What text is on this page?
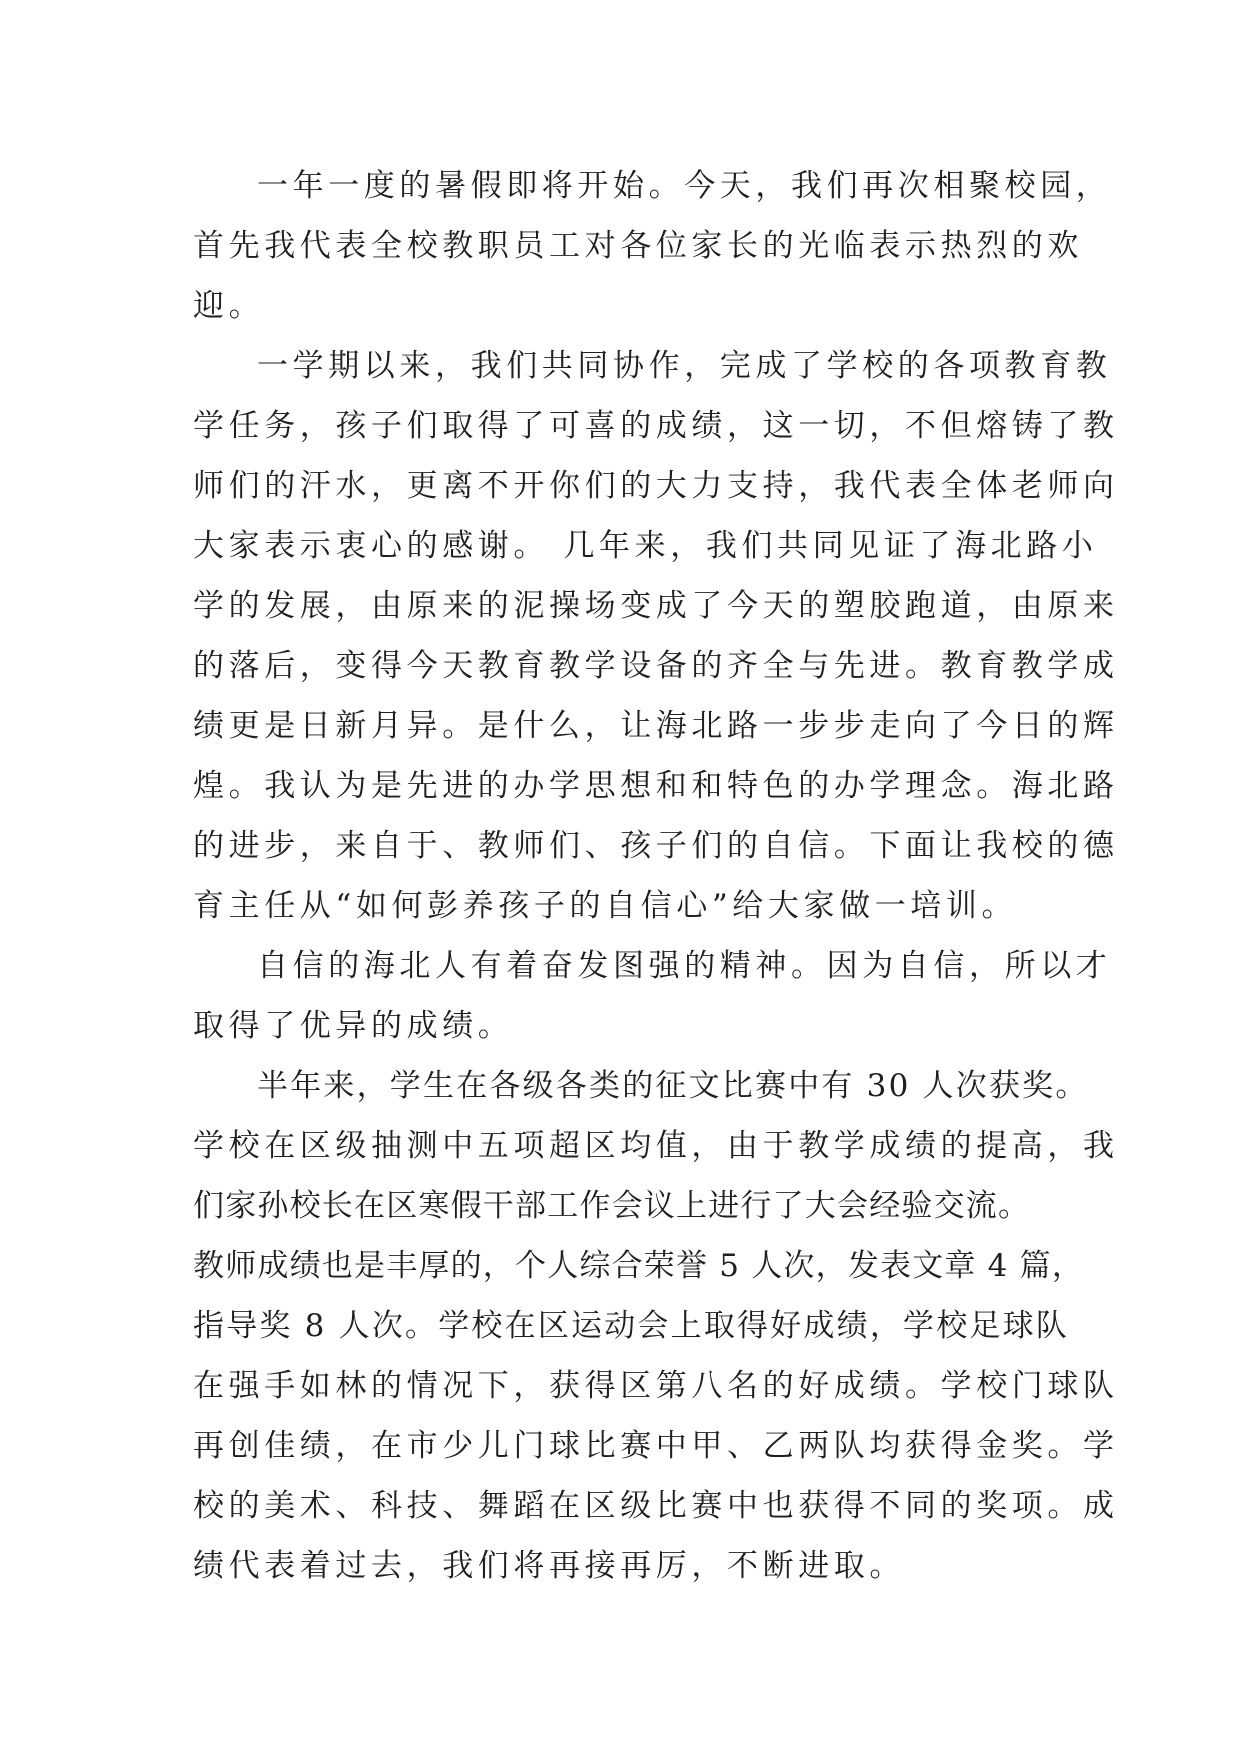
一年一度的暑假即将开始。今天，我们再次相聚校园，
首先我代表全校教职员工对各位家长的光临表示热烈的欢
迎。
一学期以来，我们共同协作，完成了学校的各项教育教
学任务，孩子们取得了可喜的成绩，这一切，不但熔铸了教
师们的汗水，更离不开你们的大力支持，我代表全体老师向
大家表示衷心的感谢。 几年来，我们共同见证了海北路小
学的发展，由原来的泥操场变成了今天的塑胶跑道，由原来
的落后，变得今天教育教学设备的齐全与先进。教育教学成
绩更是日新月异。是什么，让海北路一步步走向了今日的辉
煌。我认为是先进的办学思想和和特色的办学理念。海北路
的进步，来自于、教师们、孩子们的自信。下面让我校的德
育主任从“如何彭养孩子的自信心”给大家做一培训。
自信的海北人有着奋发图强的精神。因为自信，所以才
取得了优异的成绩。
半年来，学生在各级各类的征文比赛中有 30 人次获奖。
学校在区级抽测中五项超区均值，由于教学成绩的提高，我
们家孙校长在区寒假干部工作会议上进行了大会经验交流。
教师成绩也是丰厚的，个人综合荣誉 5 人次，发表文章 4 篇，
指导奖 8 人次。学校在区运动会上取得好成绩，学校足球队
在强手如林的情况下，获得区第八名的好成绩。学校门球队
再创佳绩，在市少儿门球比赛中甲、乙两队均获得金奖。学
校的美术、科技、舞蹈在区级比赛中也获得不同的奖项。成
绩代表着过去，我们将再接再厉，不断进取。
